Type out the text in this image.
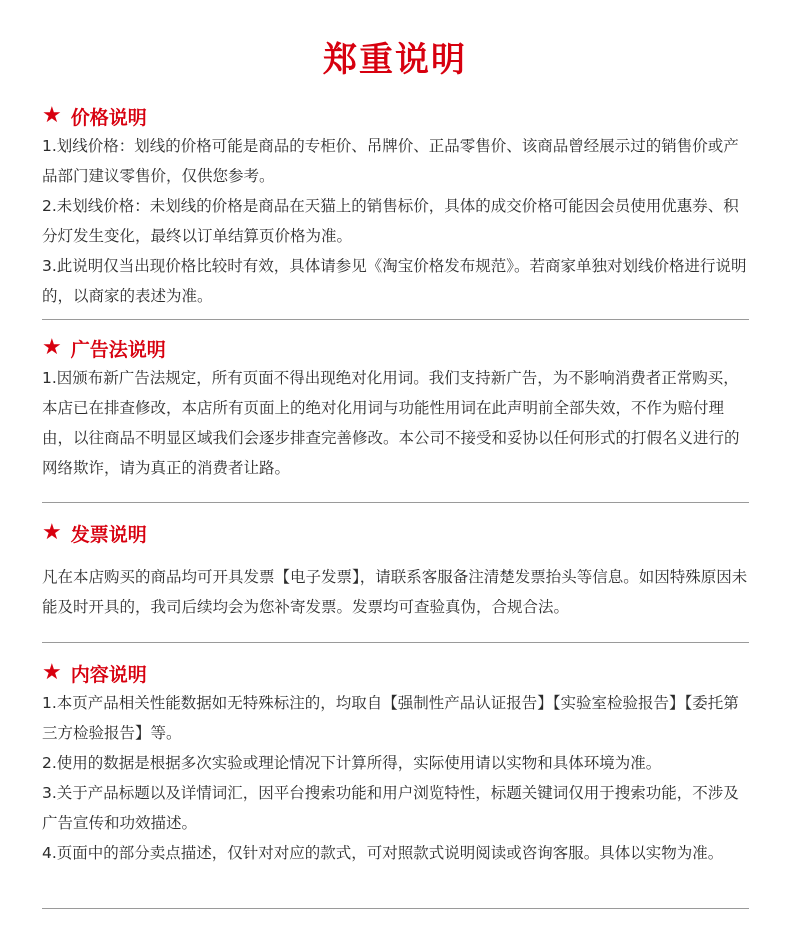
郑重说明
★ 价格说明

1.划线价格：划线的价格可能是商品的专柜价、吊牌价、正品零售价、该商品曾经展示过的销售价或产品部门建议零售价，仅供您参考。

2.未划线价格：未划线的价格是商品在天猫上的销售标价，具体的成交价格可能因会员使用优惠券、积分灯发生变化，最终以订单结算页价格为准。

3.此说明仅当出现价格比较时有效，具体请参见《淘宝价格发布规范》。若商家单独对划线价格进行说明的，以商家的表述为准。

★ 广告法说明

1.因颁布新广告法规定，所有页面不得出现绝对化用词。我们支持新广告，为不影响消费者正常购买，本店已在排查修改，本店所有页面上的绝对化用词与功能性用词在此声明前全部失效，不作为赔付理由，以往商品不明显区域我们会逐步排查完善修改。本公司不接受和妥协以任何形式的打假名义进行的网络欺诈，请为真正的消费者让路。

★ 发票说明

凡在本店购买的商品均可开具发票【电子发票】，请联系客服备注清楚发票抬头等信息。如因特殊原因未能及时开具的，我司后续均会为您补寄发票。发票均可查验真伪，合规合法。

★ 内容说明

1.本页产品相关性能数据如无特殊标注的，均取自【强制性产品认证报告】【实验室检验报告】【委托第三方检验报告】等。

2.使用的数据是根据多次实验或理论情况下计算所得，实际使用请以实物和具体环境为准。

3.关于产品标题以及详情词汇，因平台搜索功能和用户浏览特性，标题关键词仅用于搜索功能，不涉及广告宣传和功效描述。

4.页面中的部分卖点描述，仅针对对应的款式，可对照款式说明阅读或咨询客服。具体以实物为准。
